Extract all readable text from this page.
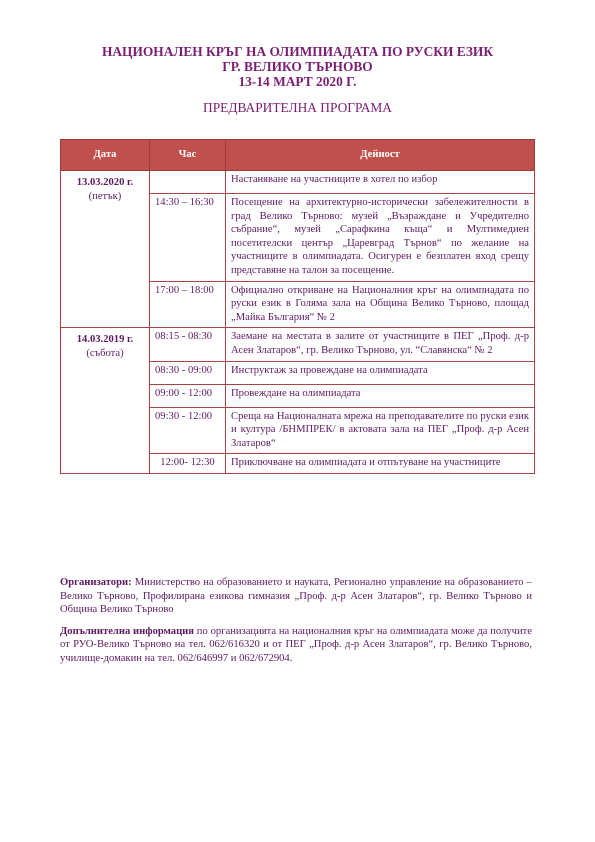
НАЦИОНАЛЕН КРЪГ НА ОЛИМПИАДАТА ПО РУСКИ ЕЗИК
ГР. ВЕЛИКО ТЪРНОВО
13-14 МАРТ 2020 Г.
ПРЕДВАРИТЕЛНА ПРОГРАМА
Дата	Час	Дейност

13.03.2020 г.
(петък)		Настаняване на участниците в хотел по избор
	14:30 – 16:30	Посещение на архитектурно-исторически забележителности в град Велико Търново: музей „Възраждане и Учредително събрание“, музей „Сарафкина къща“ и Мултимедиен посетителски център „Царевград Търнов“ по желание на участниците в олимпиадата. Осигурен е безплатен вход срещу представяне на талон за посещение.
	17:00 – 18:00	Официално откриване на Националния кръг на олимпиадата по руски език в Голяма зала на Община Велико Търново, площад „Майка България“ № 2

14.03.2019 г.
(събота)	08:15 - 08:30	Заемане на местата в залите от участниците в ПЕГ „Проф. д-р Асен Златаров“, гр. Велико Търново, ул. “Славянска“ № 2
	08:30 - 09:00	Инструктаж за провеждане на олимпиадата
	09:00 - 12:00	Провеждане на олимпиадата
	09:30 - 12:00	Среща на Националната мрежа на преподавателите по руски език и култура /БНМПРЕК/ в актовата зала на ПЕГ „Проф. д-р Асен Златаров“
	12:00- 12:30	Приключване на олимпиадата и отпътуване на участниците

Организатори: Министерство на образованието и науката, Регионално управление на образованието – Велико Търново, Профилирана езикова гимназия „Проф. д-р Асен Златаров“, гр. Велико Търново и Община Велико Търново

Допълнителна информация по организацията на националния кръг на олимпиадата може да получите от РУО-Велико Търново на тел. 062/616320 и от ПЕГ „Проф. д-р Асен Златаров“, гр. Велико Търново, училище-домакин на тел. 062/646997 и 062/672904.
